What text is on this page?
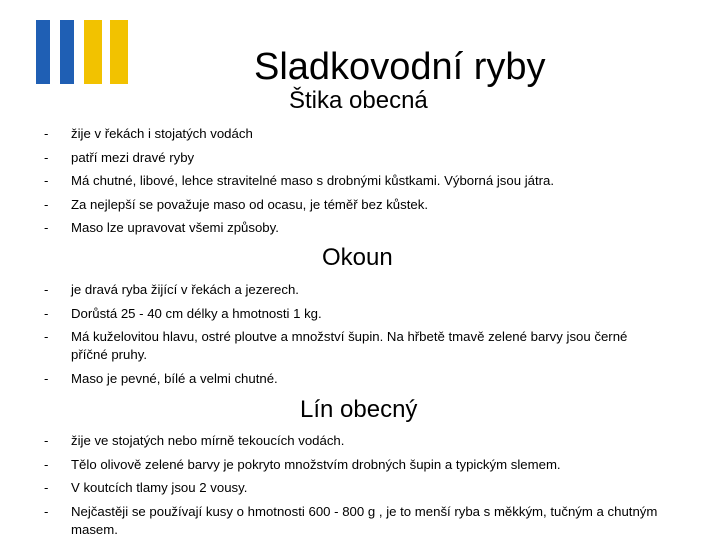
Sladkovodní ryby
Štika obecná
- žije v řekách i stojatých vodách
- patří mezi dravé ryby
- Má chutné, libové, lehce stravitelné maso s drobnými kůstkami. Výborná jsou játra.
- Za nejlepší se považuje maso od ocasu, je téměř bez kůstek.
- Maso lze upravovat všemi způsoby.
Okoun
- je dravá ryba žijící v řekách a jezerech.
- Dorůstá 25 - 40 cm délky a hmotnosti 1 kg.
- Má kuželovitou hlavu, ostré ploutve a množství šupin. Na hřbetě tmavě zelené barvy jsou černé příčné pruhy.
- Maso je pevné, bílé a velmi chutné.
Lín obecný
- žije ve stojatých nebo mírně tekoucích vodách.
- Tělo olivově zelené barvy je pokryto množstvím drobných šupin a typickým slemem.
- V koutcích tlamy jsou 2 vousy.
- Nejčastěji se používají kusy o hmotnosti 600 - 800 g , je to menší ryba s měkkým, tučným a chutným masem.
